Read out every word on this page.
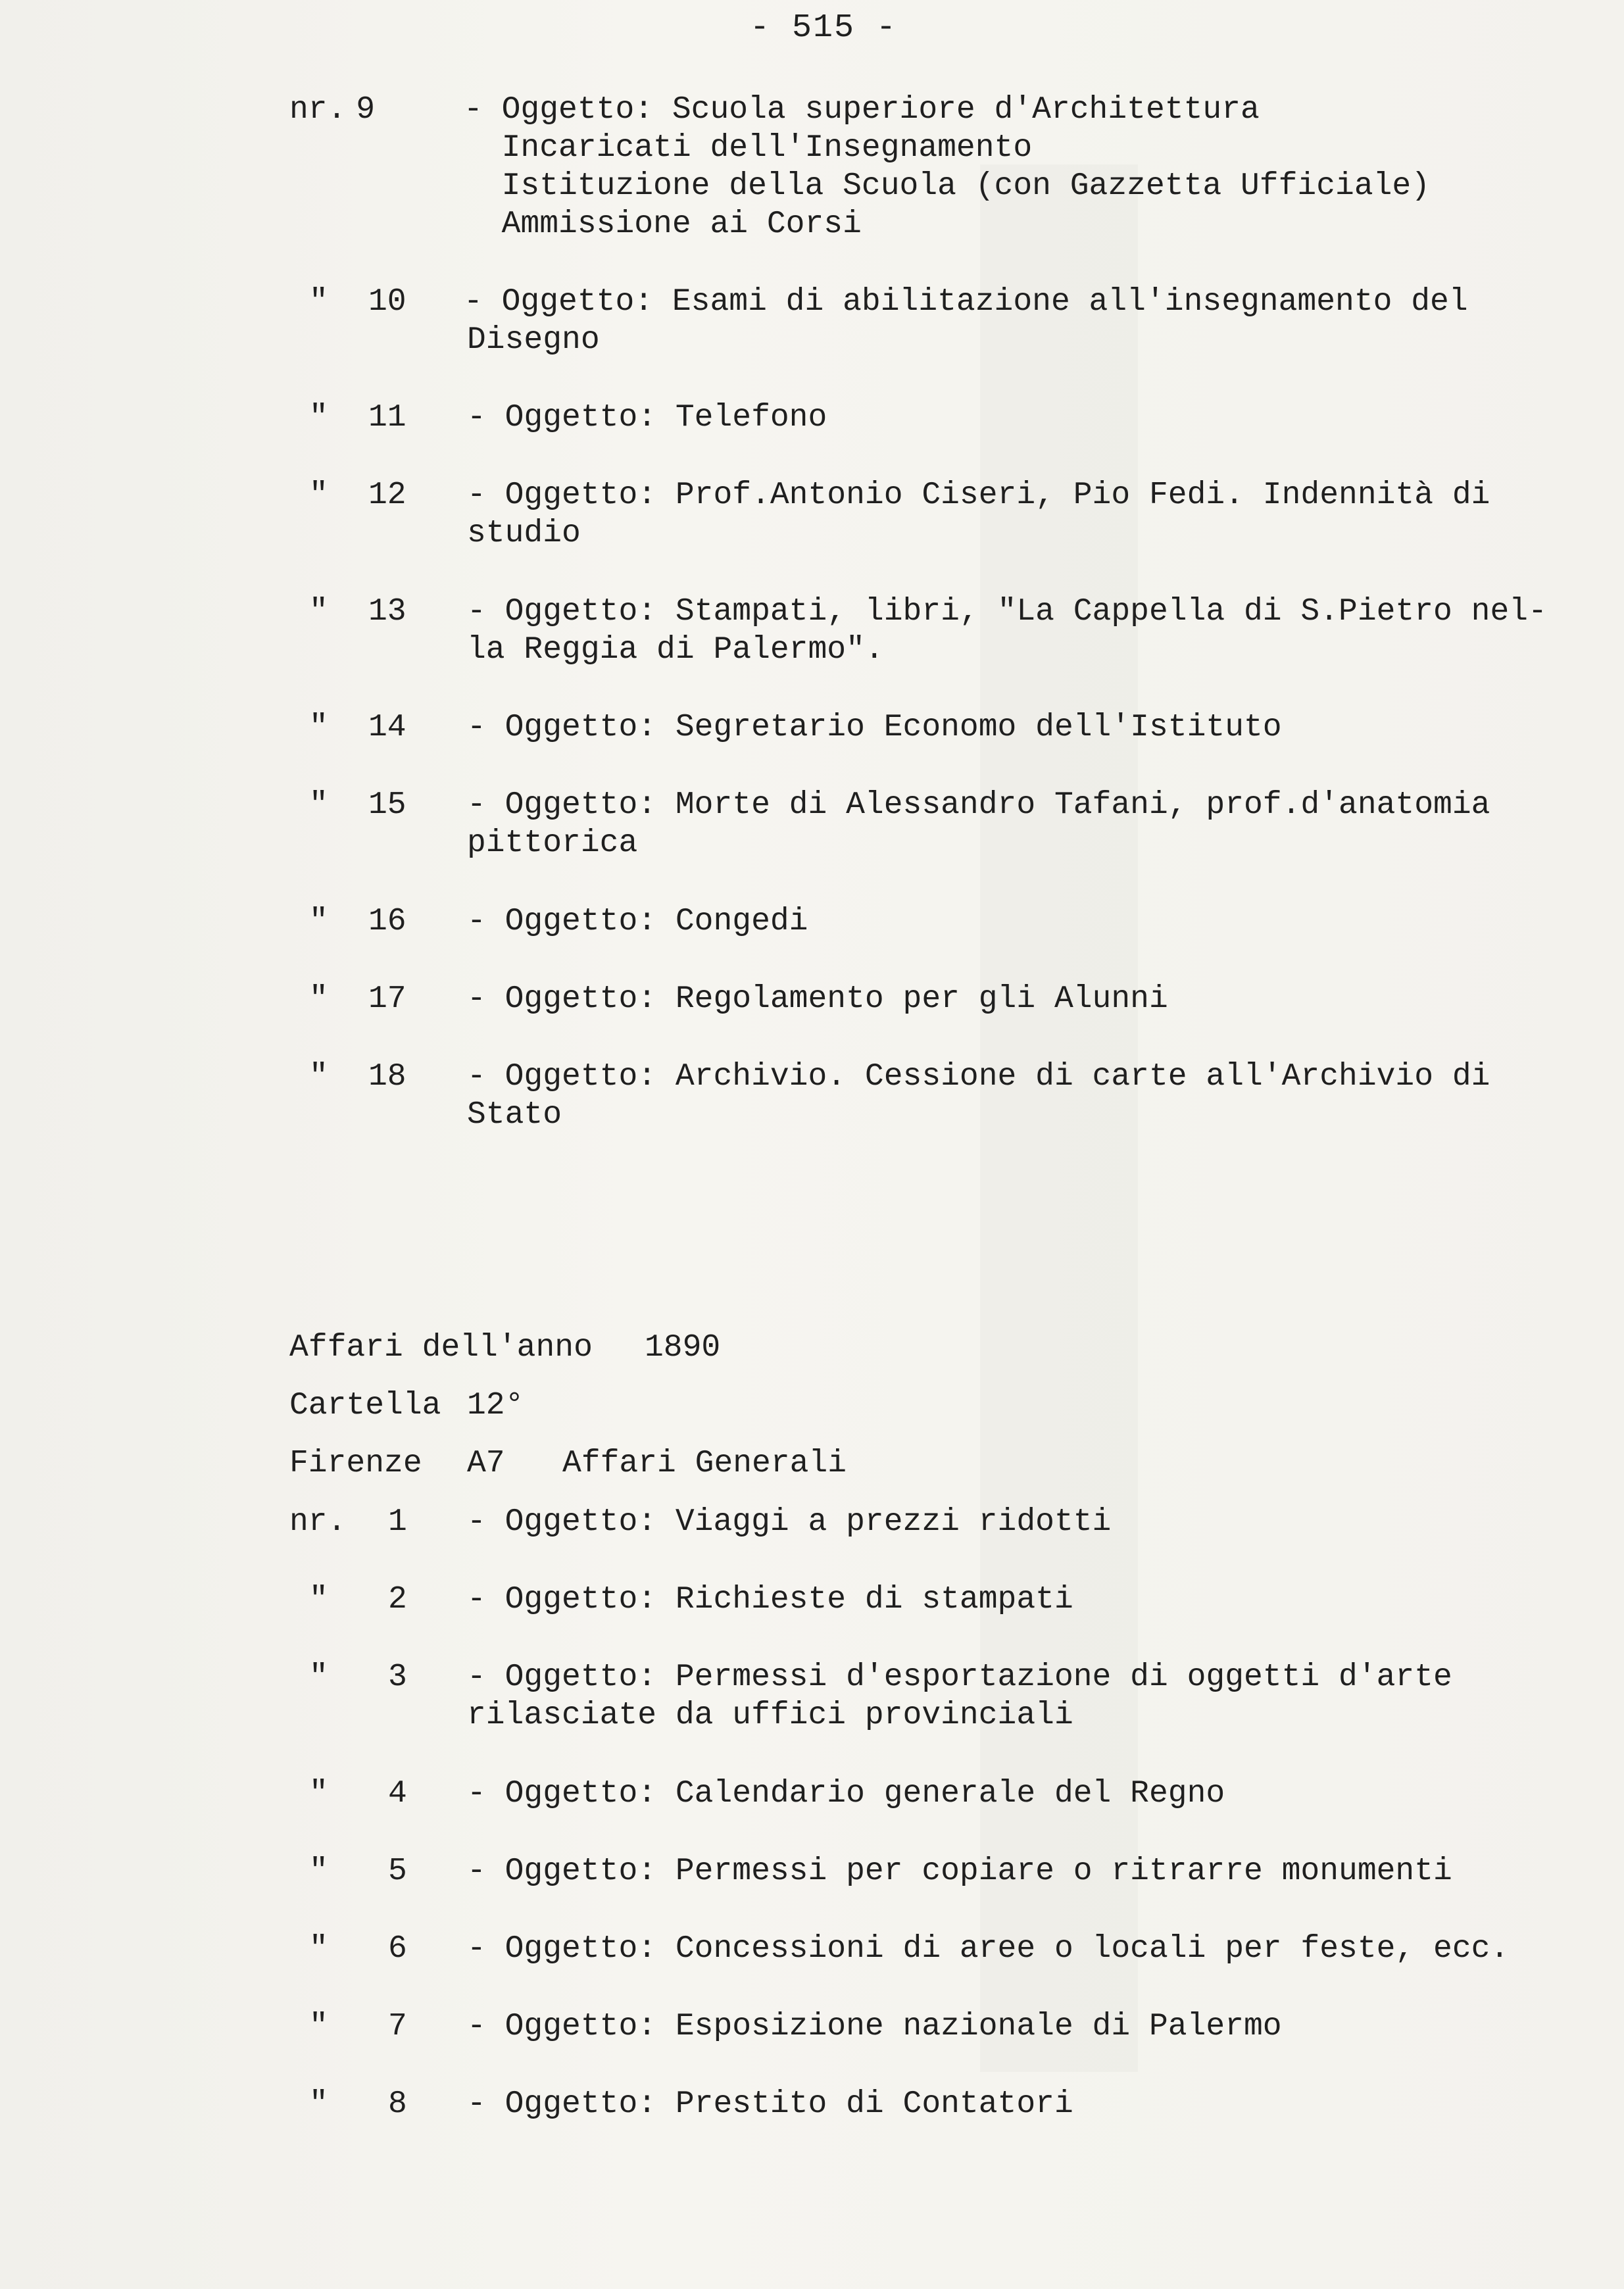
- 515 -
nr. 9	- Oggetto: Scuola superiore d'Architettura
Incaricati dell'Insegnamento
Istituzione della Scuola (con Gazzetta Ufficiale)
Ammissione ai Corsi
" 10 - Oggetto: Esami di abilitazione all'insegnamento del
Disegno
" 11 - Oggetto: Telefono
" 12 - Oggetto: Prof.Antonio Ciseri, Pio Fedi. Indennità di
studio
" 13 - Oggetto: Stampati, libri, "La Cappella di S.Pietro nel-
la Reggia di Palermo".
" 14 - Oggetto: Segretario Economo dell'Istituto
" 15 - Oggetto: Morte di Alessandro Tafani, prof.d'anatomia
pittorica
" 16 - Oggetto: Congedi
" 17 - Oggetto: Regolamento per gli Alunni
" 18 - Oggetto: Archivio. Cessione di carte all'Archivio di
Stato

Affari dell'anno

1890

Cartella

12°

Firenze

A7

Affari Generali

nr. 1 - Oggetto: Viaggi a prezzi ridotti
" 2 - Oggetto: Richieste di stampati
" 3 - Oggetto: Permessi d'esportazione di oggetti d'arte
rilasciate da uffici provinciali
" 4 - Oggetto: Calendario generale del Regno
" 5 - Oggetto: Permessi per copiare o ritrarre monumenti
" 6 - Oggetto: Concessioni di aree o locali per feste, ecc.
" 7 - Oggetto: Esposizione nazionale di Palermo
" 8 - Oggetto: Prestito di Contatori
